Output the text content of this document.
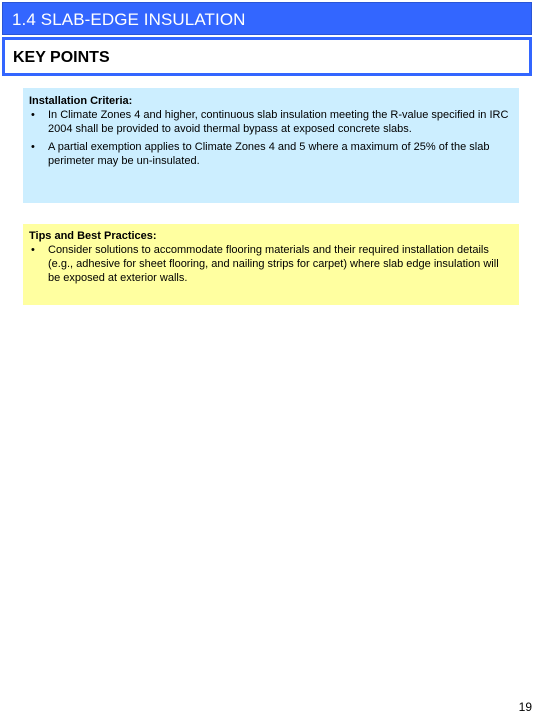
1.4 SLAB-EDGE INSULATION
KEY POINTS
Installation Criteria:
• In Climate Zones 4 and higher, continuous slab insulation meeting the R-value specified in IRC 2004 shall be provided to avoid thermal bypass at exposed concrete slabs.
• A partial exemption applies to Climate Zones 4 and 5 where a maximum of 25% of the slab perimeter may be un-insulated.
Tips and Best Practices:
• Consider solutions to accommodate flooring materials and their required installation details (e.g., adhesive for sheet flooring, and nailing strips for carpet) where slab edge insulation will be exposed at exterior walls.
19
